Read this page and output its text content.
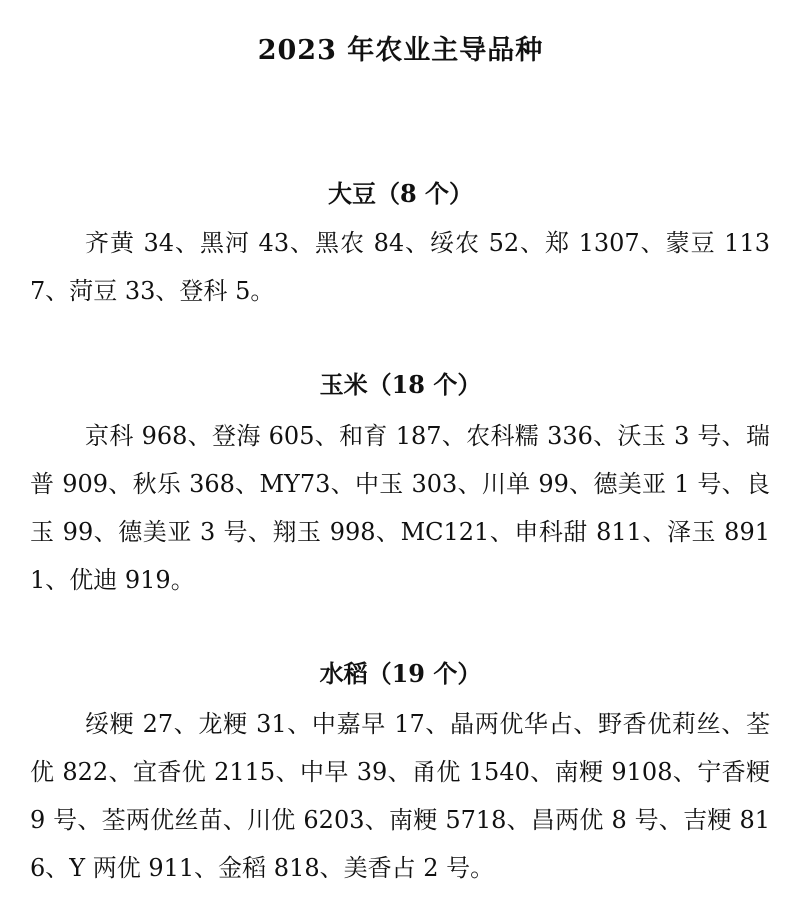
2023 年农业主导品种
大豆（8 个）
齐黄 34、黑河 43、黑农 84、绥农 52、郑 1307、蒙豆 1137、菏豆 33、登科 5。
玉米（18 个）
京科 968、登海 605、和育 187、农科糯 336、沃玉 3 号、瑞普 909、秋乐 368、MY73、中玉 303、川单 99、德美亚 1 号、良玉 99、德美亚 3 号、翔玉 998、MC121、申科甜 811、泽玉 8911、优迪 919。
水稻（19 个）
绥粳 27、龙粳 31、中嘉早 17、晶两优华占、野香优莉丝、荃优 822、宜香优 2115、中早 39、甬优 1540、南粳 9108、宁香粳 9 号、荃两优丝苗、川优 6203、南粳 5718、昌两优 8 号、吉粳 816、Y 两优 911、金稻 818、美香占 2 号。
